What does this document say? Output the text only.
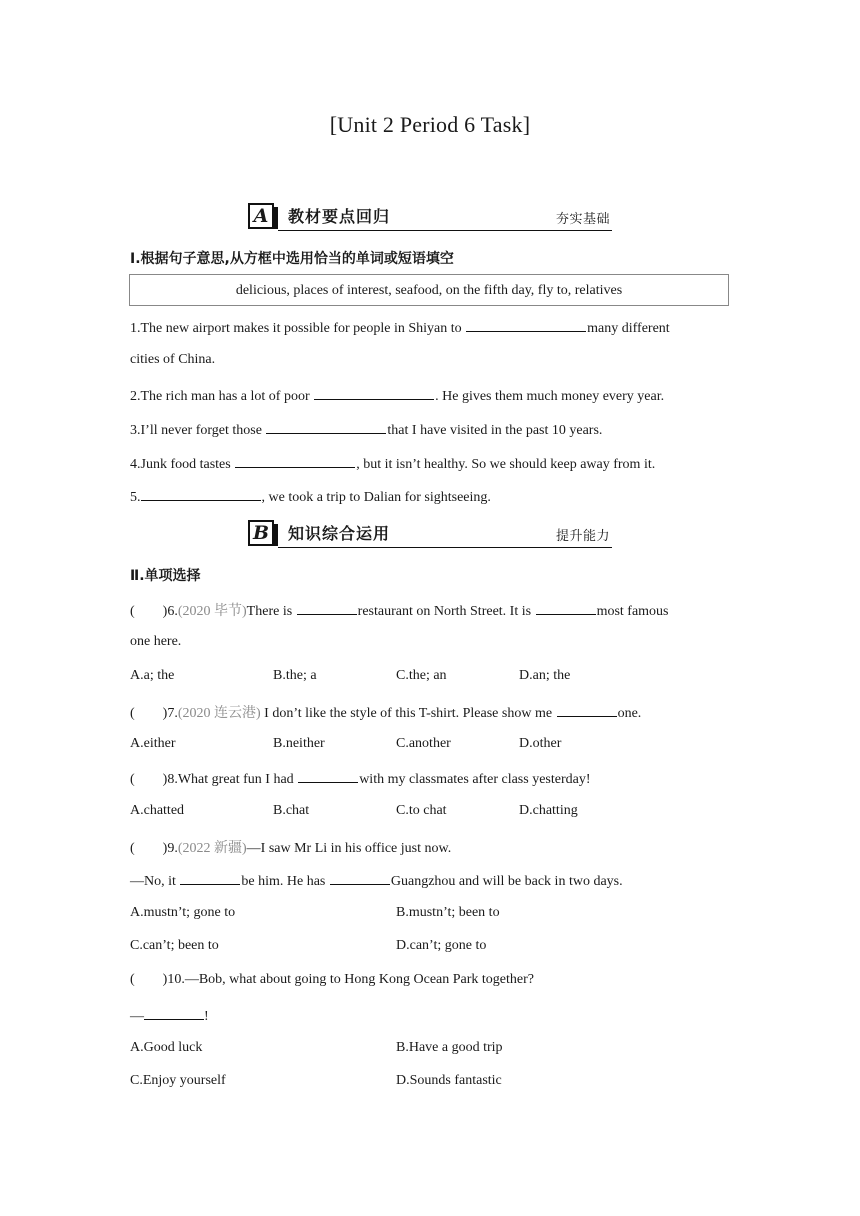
[Unit 2 Period 6 Task]
A	教材要点回归	夯实基础
Ⅰ.根据句子意思,从方框中选用恰当的单词或短语填空
delicious, places of interest, seafood, on the fifth day, fly to, relatives
1.The new airport makes it possible for people in Shiyan to	many different
cities of China.
2.The rich man has a lot of poor	. He gives them much money every year.
3.I’ll never forget those	that I have visited in the past 10 years.
4.Junk food tastes	, but it isn’t healthy. So we should keep away from it.
5.	, we took a trip to Dalian for sightseeing.
B	知识综合运用	提升能力
Ⅱ.单项选择
( )6.(2020 毕节)There is	restaurant on North Street. It is	most famous
one here.
A.a; the	B.the; a	C.the; an	D.an; the
( )7.(2020 连云港) I don’t like the style of this T-shirt. Please show me	one.
A.either	B.neither	C.another	D.other
( )8.What great fun I had	with my classmates after class yesterday!
A.chatted	B.chat	C.to chat	D.chatting
( )9.(2022 新疆)—I saw Mr Li in his office just now.
—No, it	be him. He has	Guangzhou and will be back in two days.
A.mustn’t; gone to	B.mustn’t; been to
C.can’t; been to	D.can’t; gone to
( )10.—Bob, what about going to Hong Kong Ocean Park together?
—	!
A.Good luck	B.Have a good trip
C.Enjoy yourself	D.Sounds fantastic
